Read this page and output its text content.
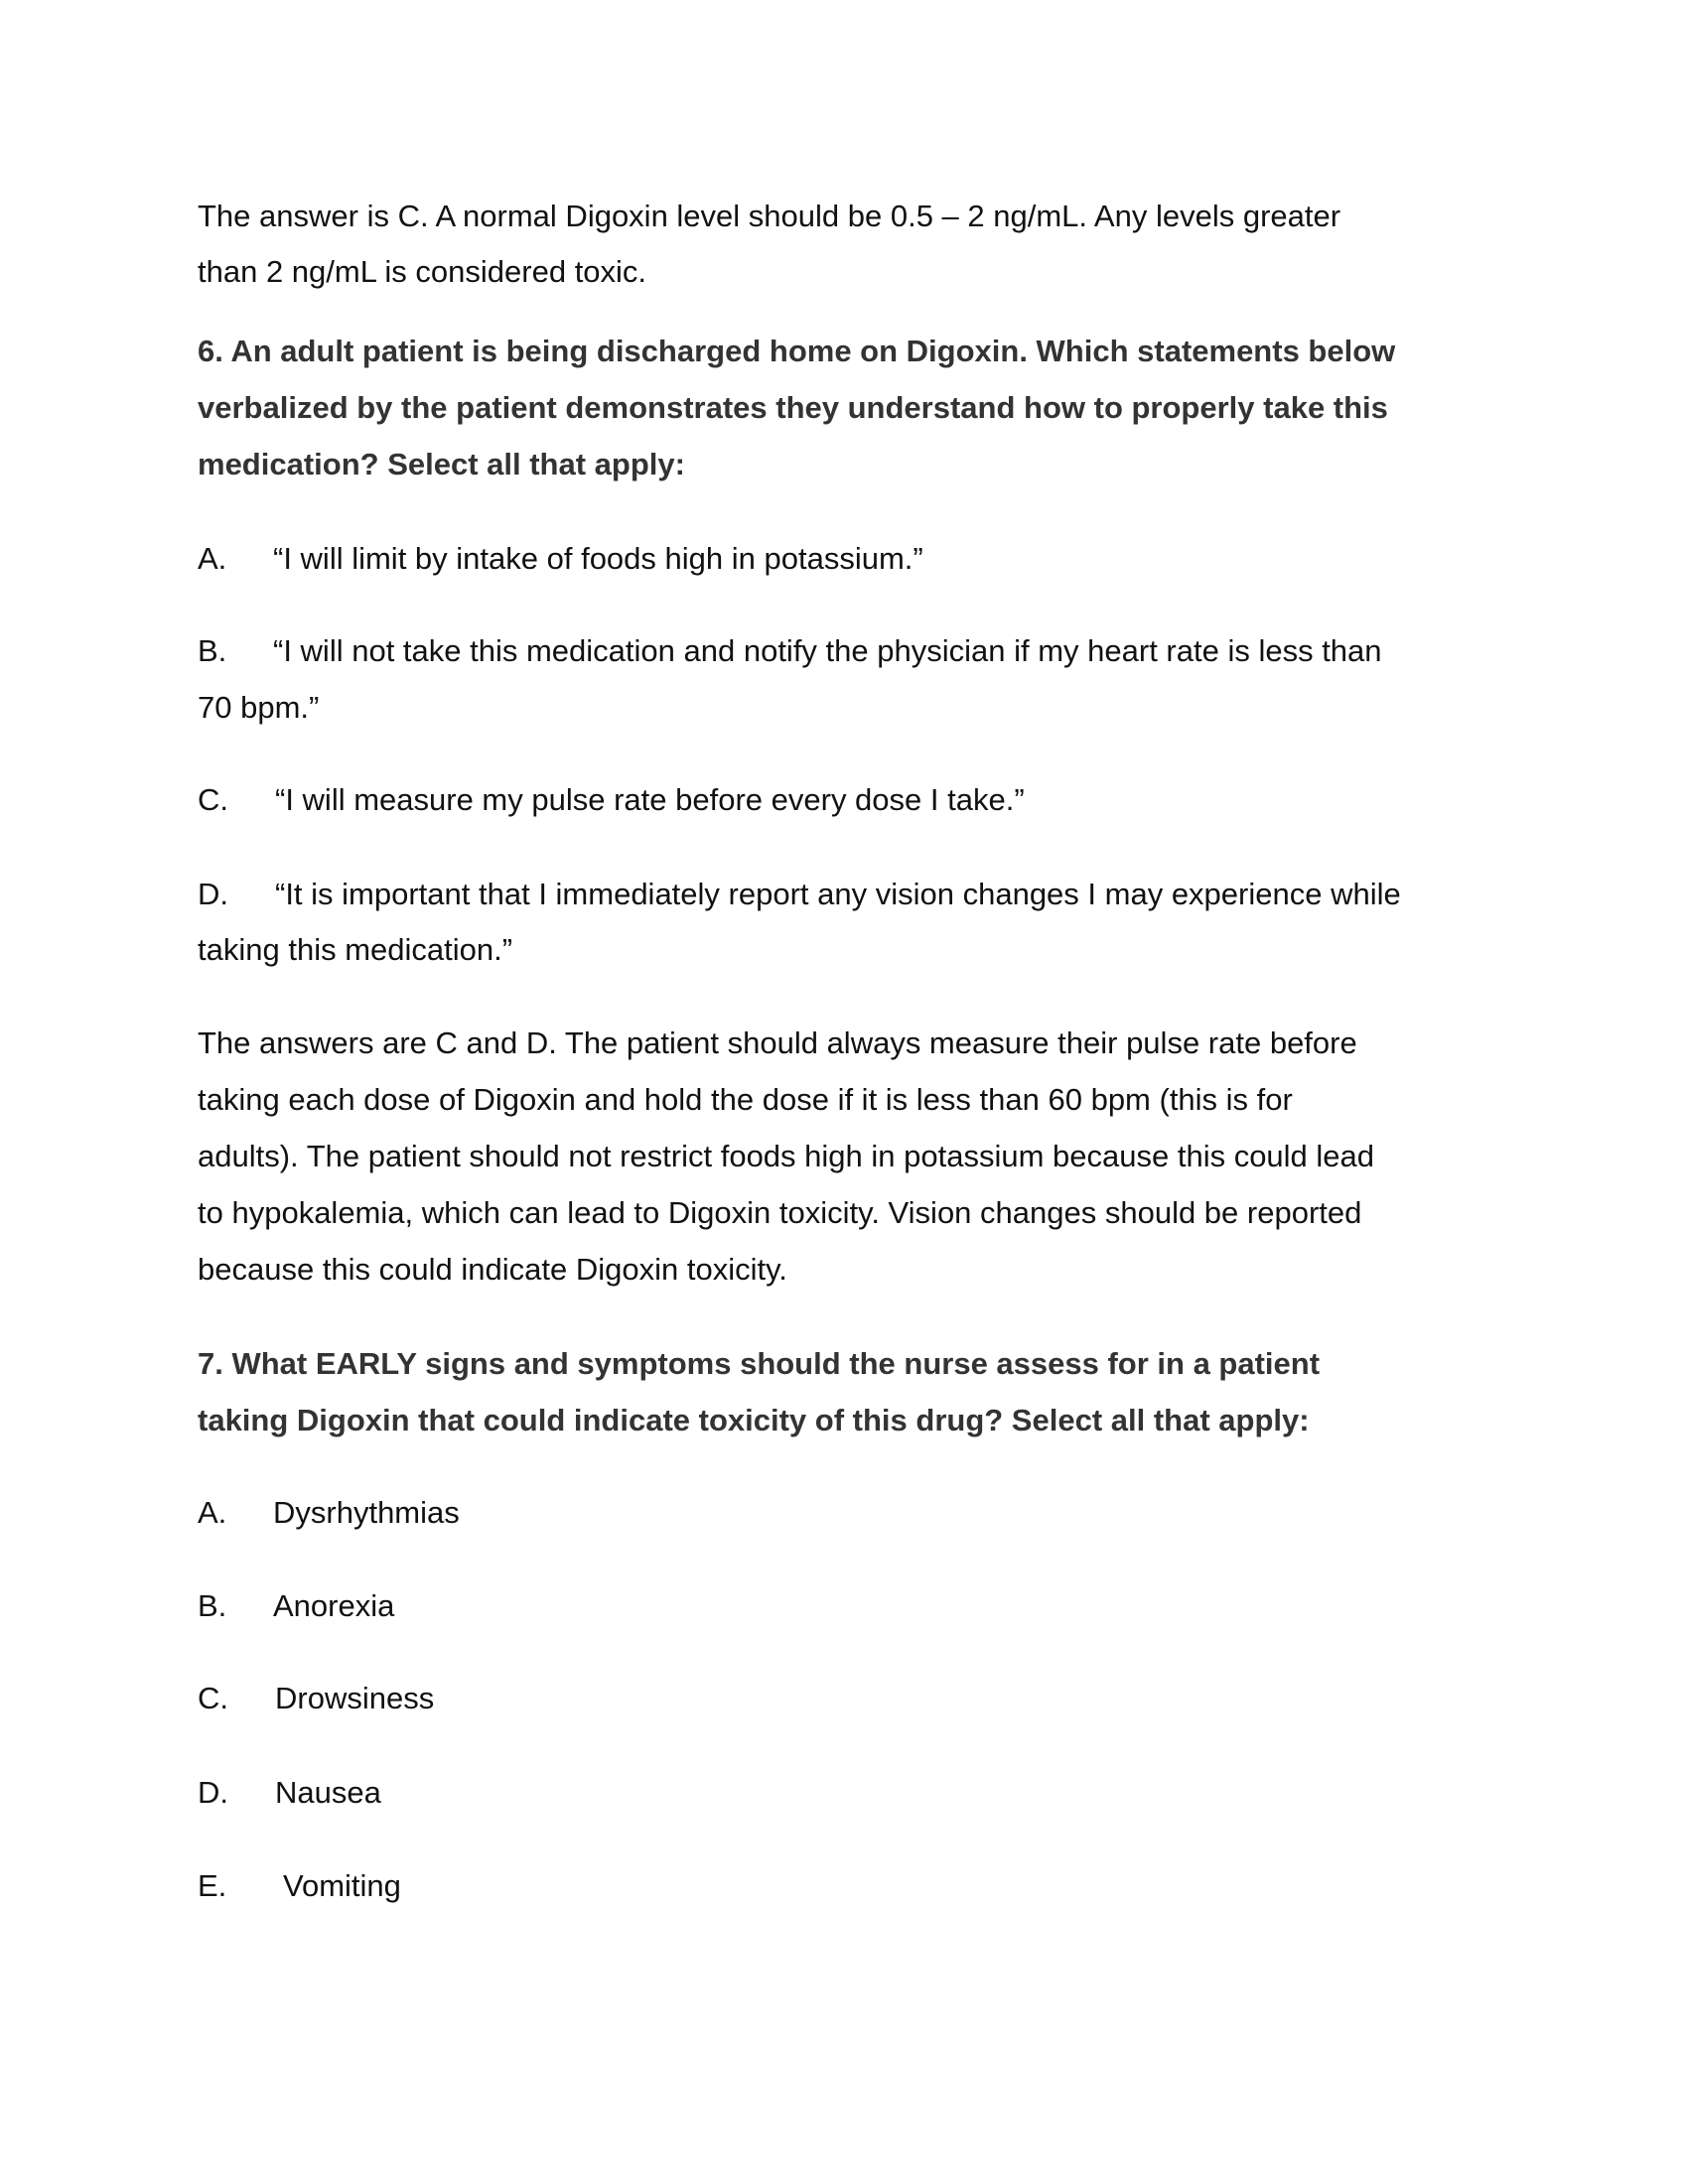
The answer is C. A normal Digoxin level should be 0.5 – 2 ng/mL. Any levels greater
than 2 ng/mL is considered toxic.
6. An adult patient is being discharged home on Digoxin. Which statements below
verbalized by the patient demonstrates they understand how to properly take this
medication? Select all that apply:
A. “I will limit by intake of foods high in potassium.”
B. “I will not take this medication and notify the physician if my heart rate is less than
70 bpm.”
C. “I will measure my pulse rate before every dose I take.”
D. “It is important that I immediately report any vision changes I may experience while
taking this medication.”
The answers are C and D. The patient should always measure their pulse rate before
taking each dose of Digoxin and hold the dose if it is less than 60 bpm (this is for
adults). The patient should not restrict foods high in potassium because this could lead
to hypokalemia, which can lead to Digoxin toxicity. Vision changes should be reported
because this could indicate Digoxin toxicity.
7. What EARLY signs and symptoms should the nurse assess for in a patient
taking Digoxin that could indicate toxicity of this drug? Select all that apply:
A. Dysrhythmias
B. Anorexia
C. Drowsiness
D. Nausea
E. Vomiting
